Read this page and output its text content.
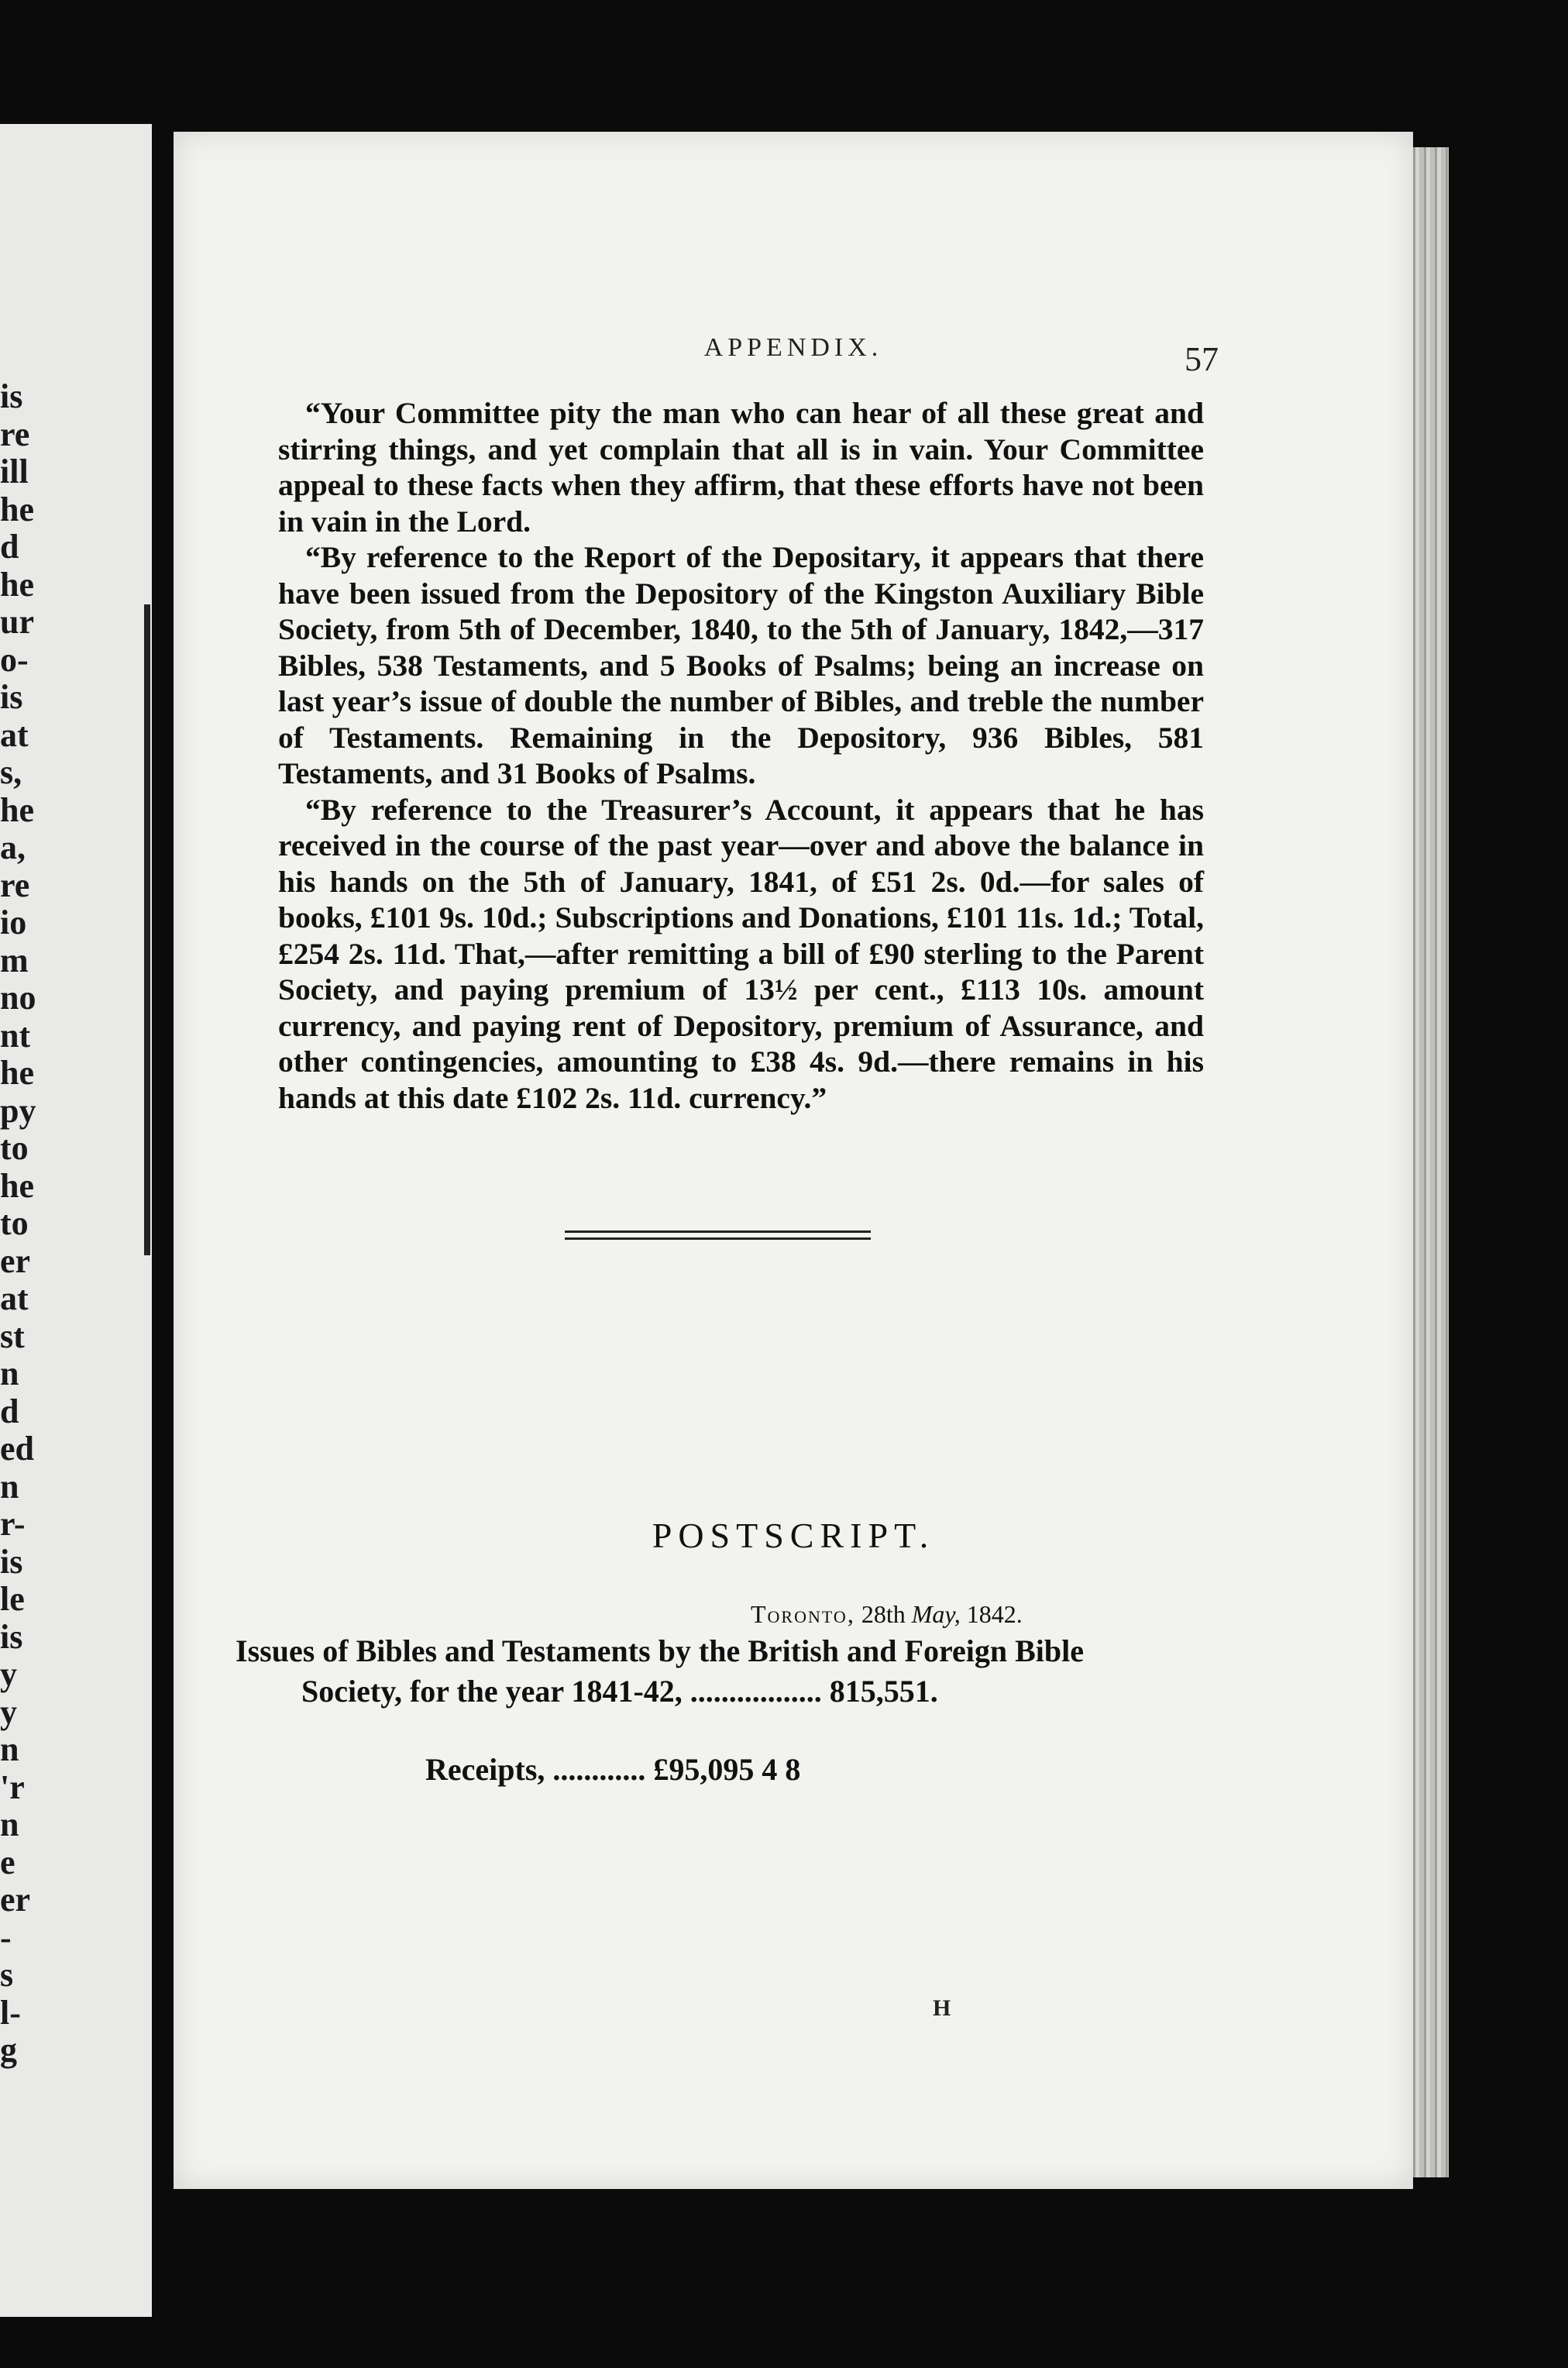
is
re
ill
he
d
he
ur
o-
is
at
s,
he
a,
re
io
m
no
nt
he
py
to
he
to
er
at
st
n
d
ed
n
r-
is
le
is
y
y
n
'r
n
e
er
-
s
l-
g
APPENDIX.	57

“Your Committee pity the man who can hear of all these great and stirring things, and yet complain that all is in vain. Your Committee appeal to these facts when they affirm, that these efforts have not been in vain in the Lord.

“By reference to the Report of the Depositary, it appears that there have been issued from the Depository of the Kingston Auxiliary Bible Society, from 5th of December, 1840, to the 5th of January, 1842,—317 Bibles, 538 Testaments, and 5 Books of Psalms; being an increase on last year’s issue of double the number of Bibles, and treble the number of Testaments. Remaining in the Depository, 936 Bibles, 581 Testaments, and 31 Books of Psalms.

“By reference to the Treasurer’s Account, it appears that he has received in the course of the past year—over and above the balance in his hands on the 5th of January, 1841, of £51 2s. 0d.—for sales of books, £101 9s. 10d.; Subscriptions and Donations, £101 11s. 1d.; Total, £254 2s. 11d. That,—after remitting a bill of £90 sterling to the Parent Society, and paying premium of 13½ per cent., £113 10s. amount currency, and paying rent of Depository, premium of Assurance, and other contingencies, amounting to £38 4s. 9d.—there remains in his hands at this date £102 2s. 11d. currency.”

POSTSCRIPT.
Toronto, 28th May, 1842.
Issues of Bibles and Testaments by the British and Foreign Bible
Society, for the year 1841-42, ................. 815,551.
Receipts, ............ £95,095 4 8
H
